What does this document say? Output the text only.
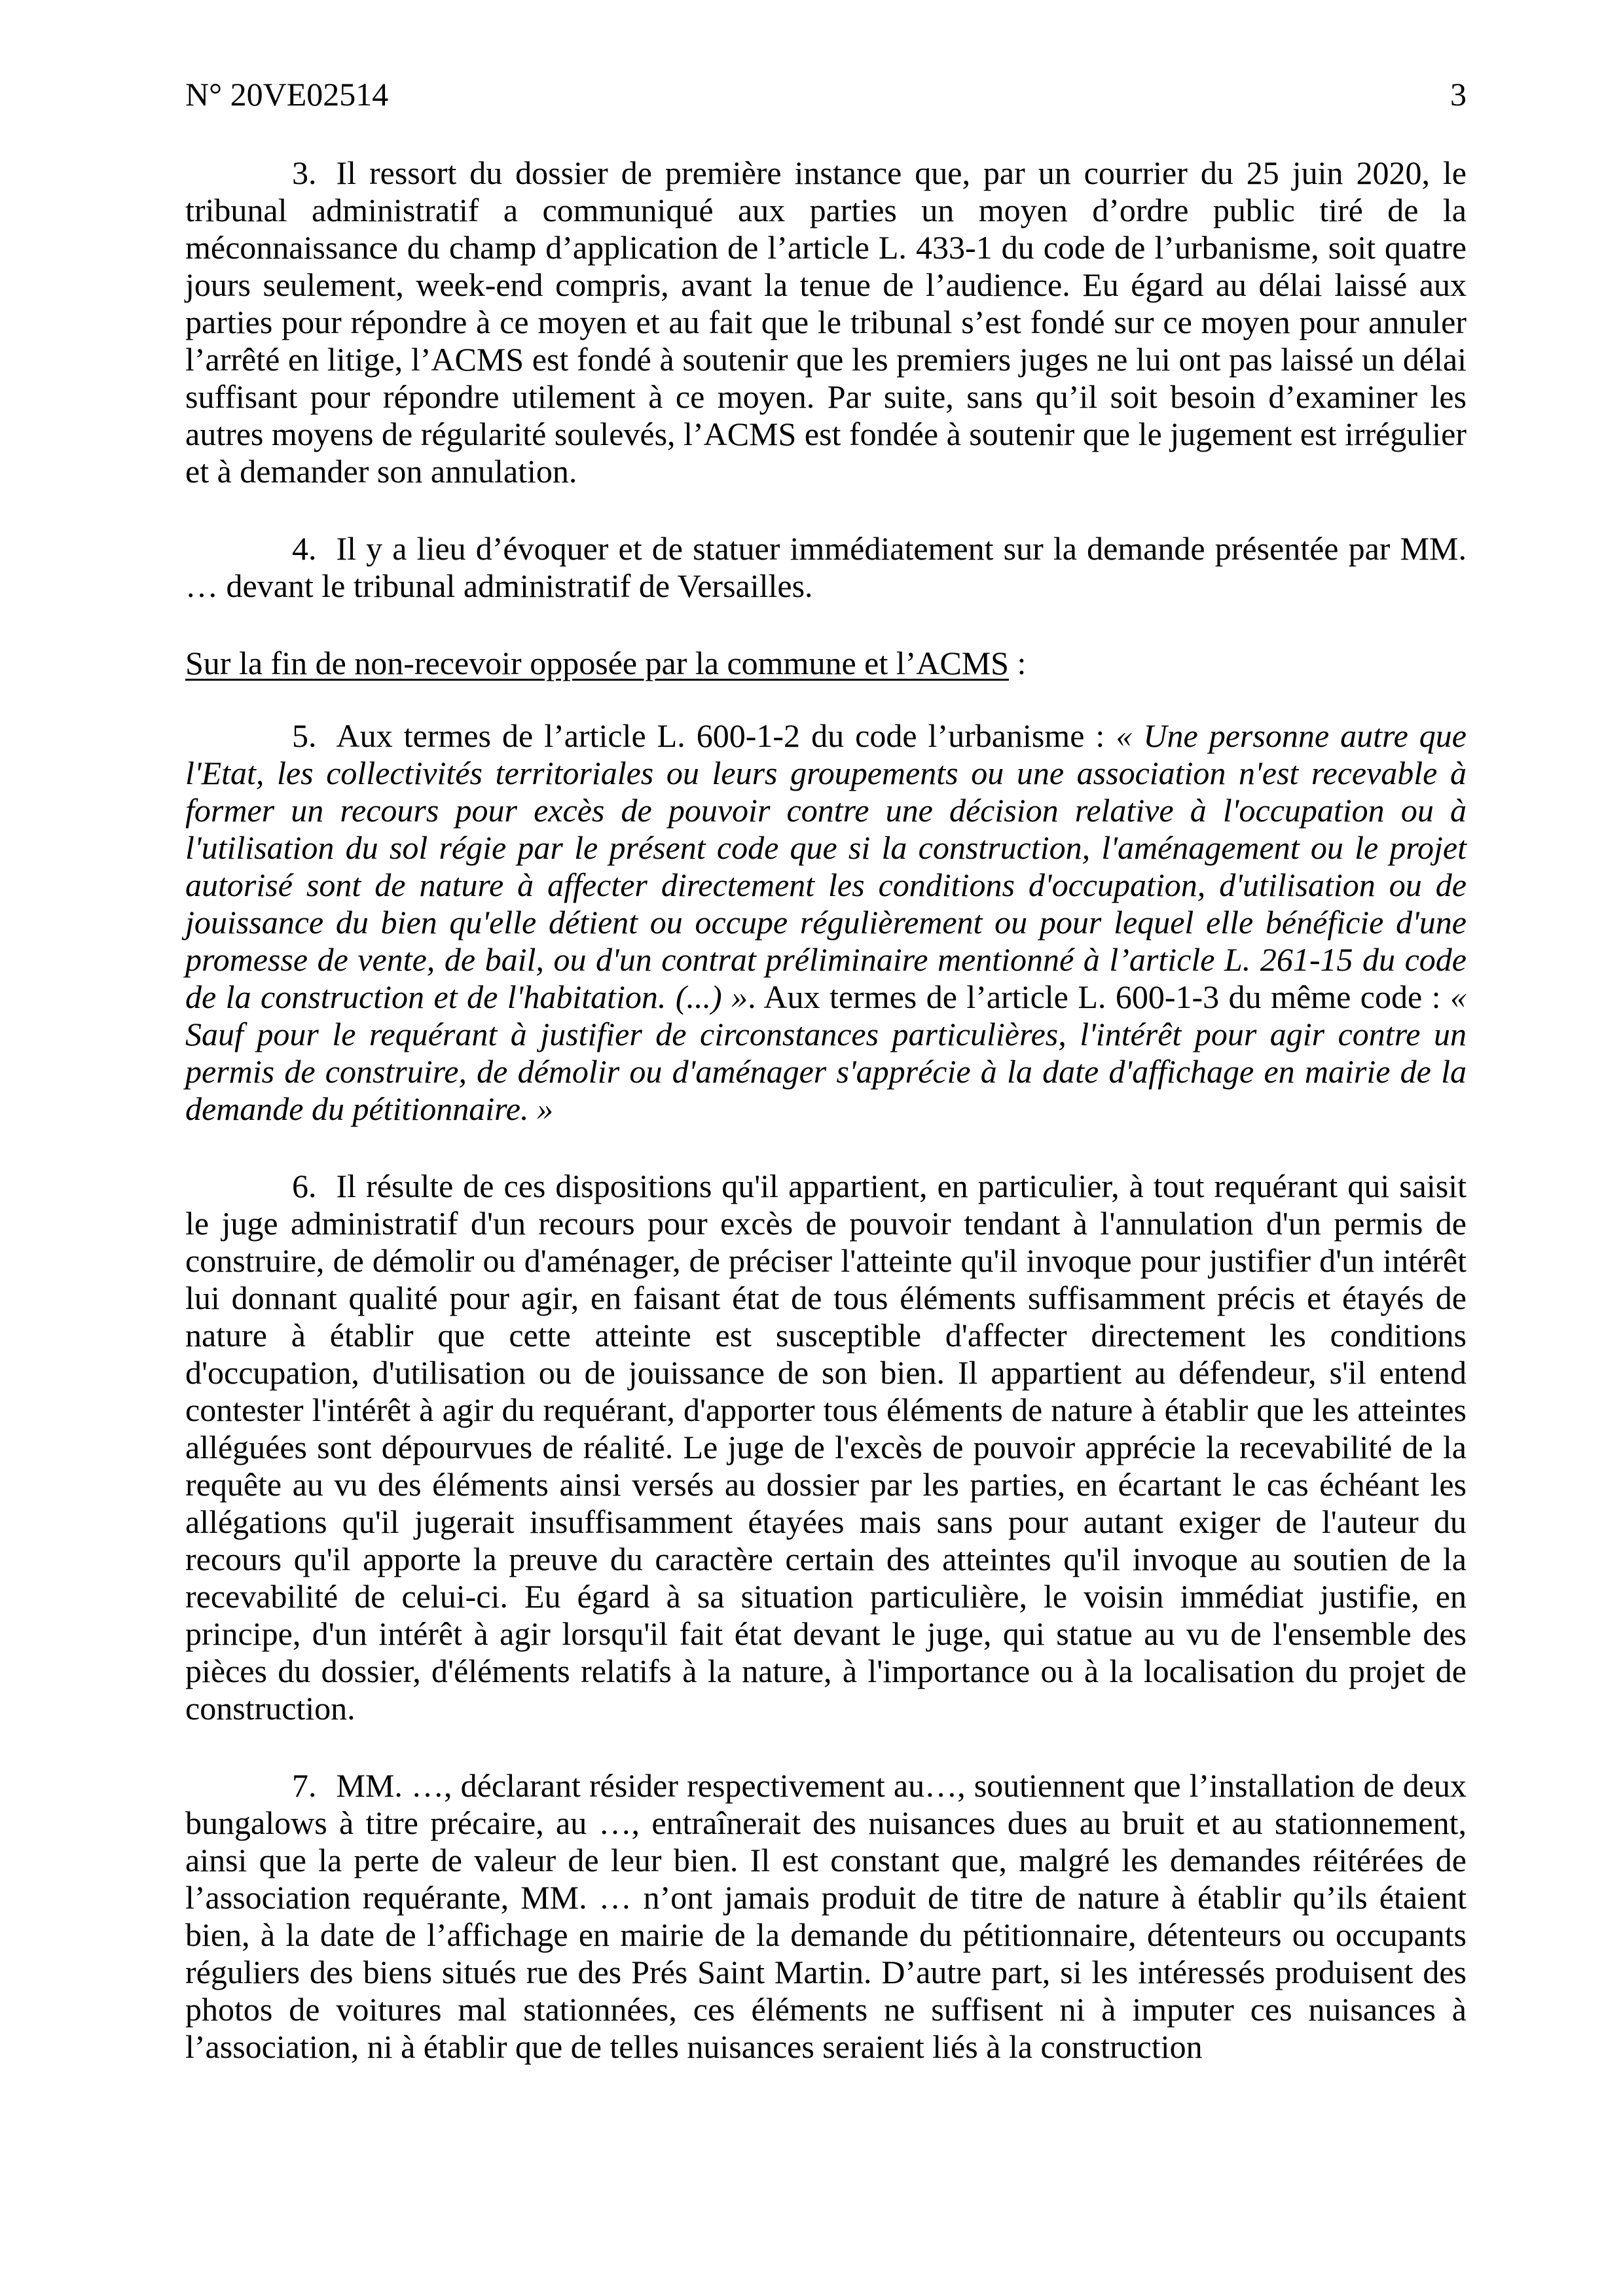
N° 20VE02514	3

3. Il ressort du dossier de première instance que, par un courrier du 25 juin 2020, le tribunal administratif a communiqué aux parties un moyen d’ordre public tiré de la méconnaissance du champ d’application de l’article L. 433-1 du code de l’urbanisme, soit quatre jours seulement, week-end compris, avant la tenue de l’audience. Eu égard au délai laissé aux parties pour répondre à ce moyen et au fait que le tribunal s’est fondé sur ce moyen pour annuler l’arrêté en litige, l’ACMS est fondé à soutenir que les premiers juges ne lui ont pas laissé un délai suffisant pour répondre utilement à ce moyen. Par suite, sans qu’il soit besoin d’examiner les autres moyens de régularité soulevés, l’ACMS est fondée à soutenir que le jugement est irrégulier et à demander son annulation.

4. Il y a lieu d’évoquer et de statuer immédiatement sur la demande présentée par MM. … devant le tribunal administratif de Versailles.

Sur la fin de non-recevoir opposée par la commune et l’ACMS :

5. Aux termes de l’article L. 600-1-2 du code l’urbanisme : « Une personne autre que l'Etat, les collectivités territoriales ou leurs groupements ou une association n'est recevable à former un recours pour excès de pouvoir contre une décision relative à l'occupation ou à l'utilisation du sol régie par le présent code que si la construction, l'aménagement ou le projet autorisé sont de nature à affecter directement les conditions d'occupation, d'utilisation ou de jouissance du bien qu'elle détient ou occupe régulièrement ou pour lequel elle bénéficie d'une promesse de vente, de bail, ou d'un contrat préliminaire mentionné à l’article L. 261-15 du code de la construction et de l'habitation. (...) ». Aux termes de l’article L. 600-1-3 du même code : « Sauf pour le requérant à justifier de circonstances particulières, l'intérêt pour agir contre un permis de construire, de démolir ou d'aménager s'apprécie à la date d'affichage en mairie de la demande du pétitionnaire. »

6. Il résulte de ces dispositions qu'il appartient, en particulier, à tout requérant qui saisit le juge administratif d'un recours pour excès de pouvoir tendant à l'annulation d'un permis de construire, de démolir ou d'aménager, de préciser l'atteinte qu'il invoque pour justifier d'un intérêt lui donnant qualité pour agir, en faisant état de tous éléments suffisamment précis et étayés de nature à établir que cette atteinte est susceptible d'affecter directement les conditions d'occupation, d'utilisation ou de jouissance de son bien. Il appartient au défendeur, s'il entend contester l'intérêt à agir du requérant, d'apporter tous éléments de nature à établir que les atteintes alléguées sont dépourvues de réalité. Le juge de l'excès de pouvoir apprécie la recevabilité de la requête au vu des éléments ainsi versés au dossier par les parties, en écartant le cas échéant les allégations qu'il jugerait insuffisamment étayées mais sans pour autant exiger de l'auteur du recours qu'il apporte la preuve du caractère certain des atteintes qu'il invoque au soutien de la recevabilité de celui-ci. Eu égard à sa situation particulière, le voisin immédiat justifie, en principe, d'un intérêt à agir lorsqu'il fait état devant le juge, qui statue au vu de l'ensemble des pièces du dossier, d'éléments relatifs à la nature, à l'importance ou à la localisation du projet de construction.

7. MM. …, déclarant résider respectivement au…, soutiennent que l’installation de deux bungalows à titre précaire, au …, entraînerait des nuisances dues au bruit et au stationnement, ainsi que la perte de valeur de leur bien. Il est constant que, malgré les demandes réitérées de l’association requérante, MM. … n’ont jamais produit de titre de nature à établir qu’ils étaient bien, à la date de l’affichage en mairie de la demande du pétitionnaire, détenteurs ou occupants réguliers des biens situés rue des Prés Saint Martin. D’autre part, si les intéressés produisent des photos de voitures mal stationnées, ces éléments ne suffisent ni à imputer ces nuisances à l’association, ni à établir que de telles nuisances seraient liés à la construction
